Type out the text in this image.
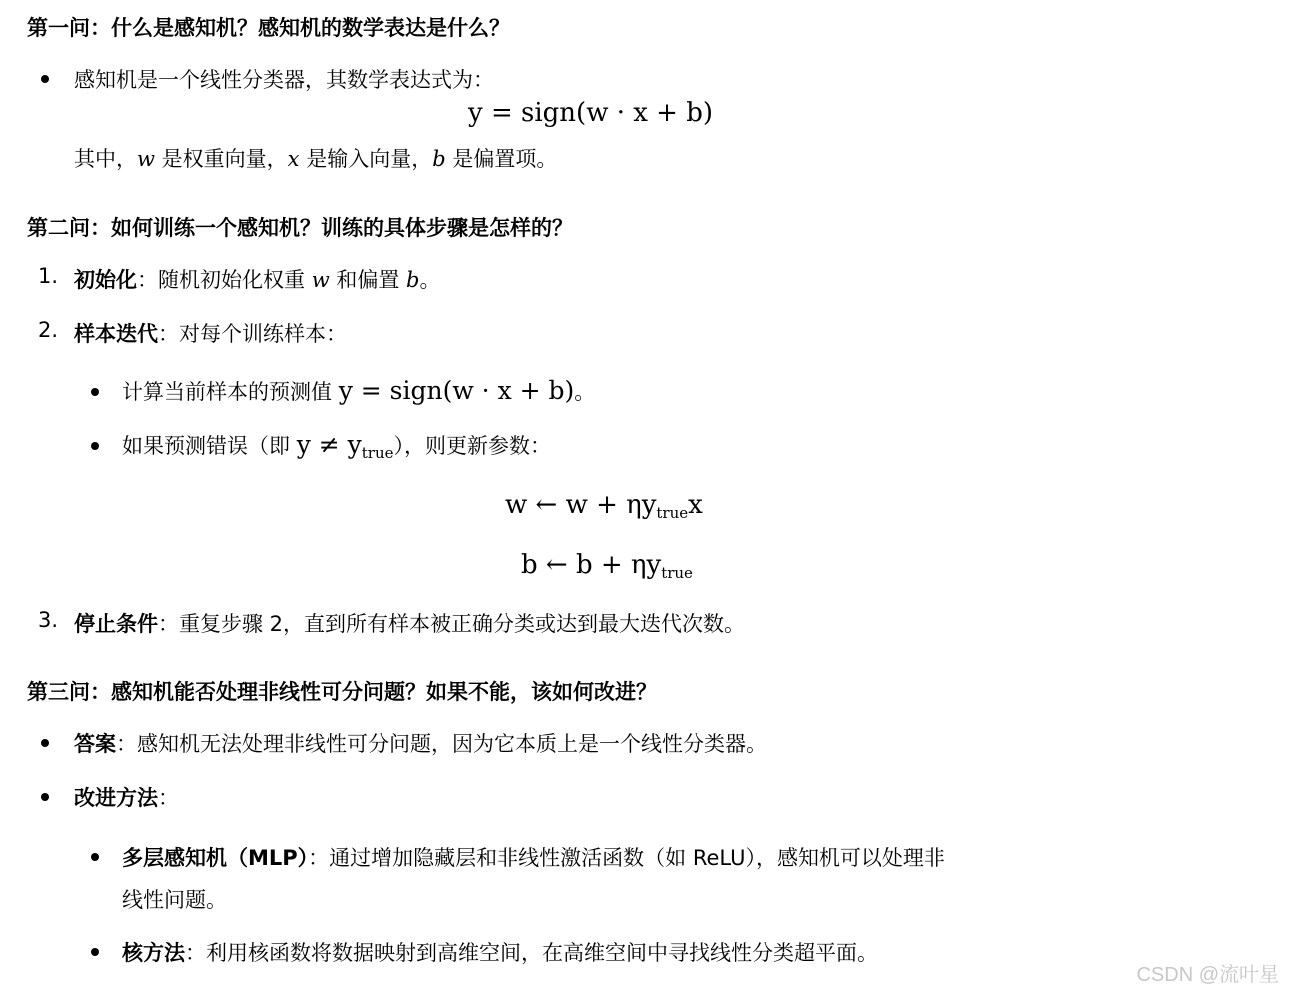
第一问：什么是感知机？感知机的数学表达是什么？
感知机是一个线性分类器，其数学表达式为：
y = sign(w · x + b)
其中，w 是权重向量，x 是输入向量，b 是偏置项。
第二问：如何训练一个感知机？训练的具体步骤是怎样的？
1. 初始化：随机初始化权重 w 和偏置 b。
2. 样本迭代：对每个训练样本：
计算当前样本的预测值 y = sign(w · x + b)。
如果预测错误（即 $y \ne y_{true}$），则更新参数：
w ← w + ηytruex
b ← b + ηytrue
3. 停止条件：重复步骤 2，直到所有样本被正确分类或达到最大迭代次数。
第三问：感知机能否处理非线性可分问题？如果不能，该如何改进？
答案：感知机无法处理非线性可分问题，因为它本质上是一个线性分类器。
改进方法：
多层感知机（MLP）：通过增加隐藏层和非线性激活函数（如 ReLU），感知机可以处理非
线性问题。
核方法：利用核函数将数据映射到高维空间，在高维空间中寻找线性分类超平面。
CSDN @流叶星
